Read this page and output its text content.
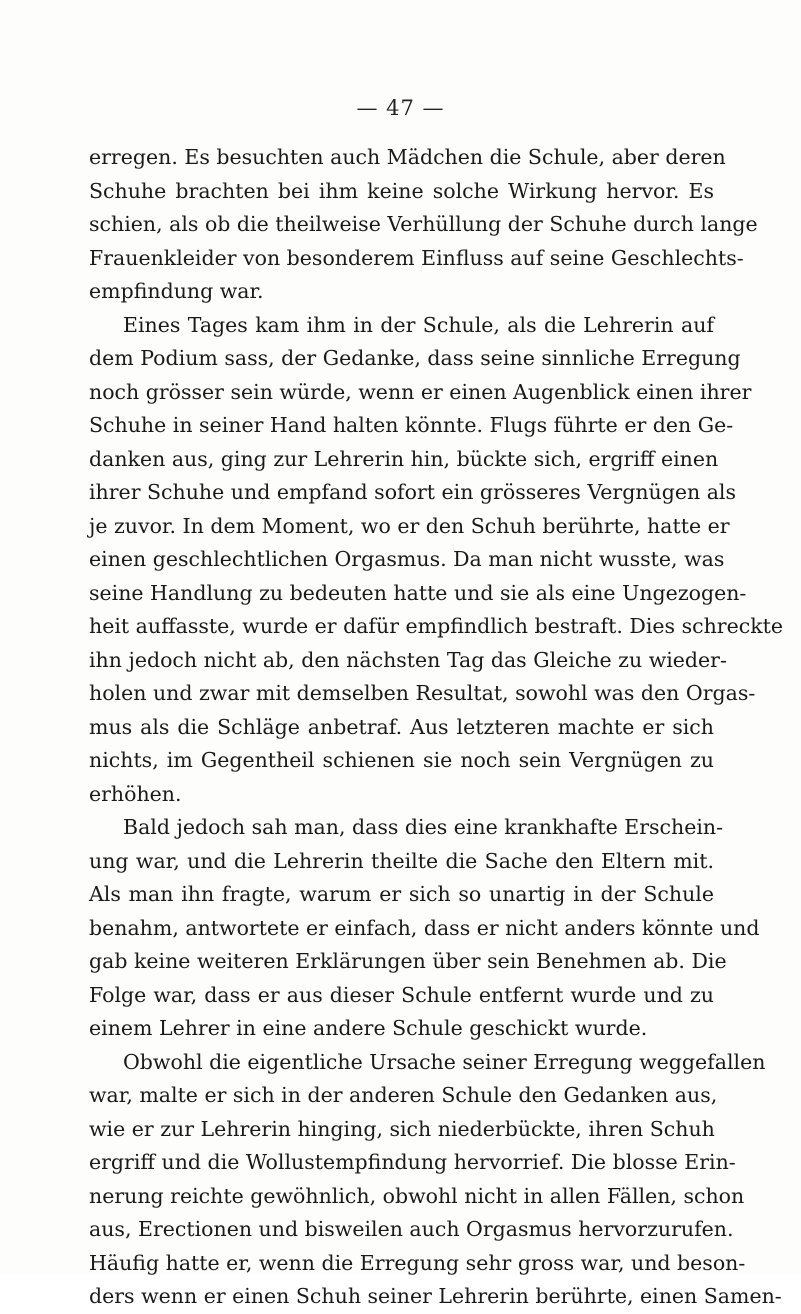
— 47 —
erregen. Es besuchten auch Mädchen die Schule, aber deren
Schuhe brachten bei ihm keine solche Wirkung hervor. Es
schien, als ob die theilweise Verhüllung der Schuhe durch lange
Frauenkleider von besonderem Einfluss auf seine Geschlechts-
empfindung war.
Eines Tages kam ihm in der Schule, als die Lehrerin auf
dem Podium sass, der Gedanke, dass seine sinnliche Erregung
noch grösser sein würde, wenn er einen Augenblick einen ihrer
Schuhe in seiner Hand halten könnte. Flugs führte er den Ge-
danken aus, ging zur Lehrerin hin, bückte sich, ergriff einen
ihrer Schuhe und empfand sofort ein grösseres Vergnügen als
je zuvor. In dem Moment, wo er den Schuh berührte, hatte er
einen geschlechtlichen Orgasmus. Da man nicht wusste, was
seine Handlung zu bedeuten hatte und sie als eine Ungezogen-
heit auffasste, wurde er dafür empfindlich bestraft. Dies schreckte
ihn jedoch nicht ab, den nächsten Tag das Gleiche zu wieder-
holen und zwar mit demselben Resultat, sowohl was den Orgas-
mus als die Schläge anbetraf. Aus letzteren machte er sich
nichts, im Gegentheil schienen sie noch sein Vergnügen zu
erhöhen.
Bald jedoch sah man, dass dies eine krankhafte Erschein-
ung war, und die Lehrerin theilte die Sache den Eltern mit.
Als man ihn fragte, warum er sich so unartig in der Schule
benahm, antwortete er einfach, dass er nicht anders könnte und
gab keine weiteren Erklärungen über sein Benehmen ab. Die
Folge war, dass er aus dieser Schule entfernt wurde und zu
einem Lehrer in eine andere Schule geschickt wurde.
Obwohl die eigentliche Ursache seiner Erregung weggefallen
war, malte er sich in der anderen Schule den Gedanken aus,
wie er zur Lehrerin hinging, sich niederbückte, ihren Schuh
ergriff und die Wollustempfindung hervorrief. Die blosse Erin-
nerung reichte gewöhnlich, obwohl nicht in allen Fällen, schon
aus, Erectionen und bisweilen auch Orgasmus hervorzurufen.
Häufig hatte er, wenn die Erregung sehr gross war, und beson-
ders wenn er einen Schuh seiner Lehrerin berührte, einen Samen-
